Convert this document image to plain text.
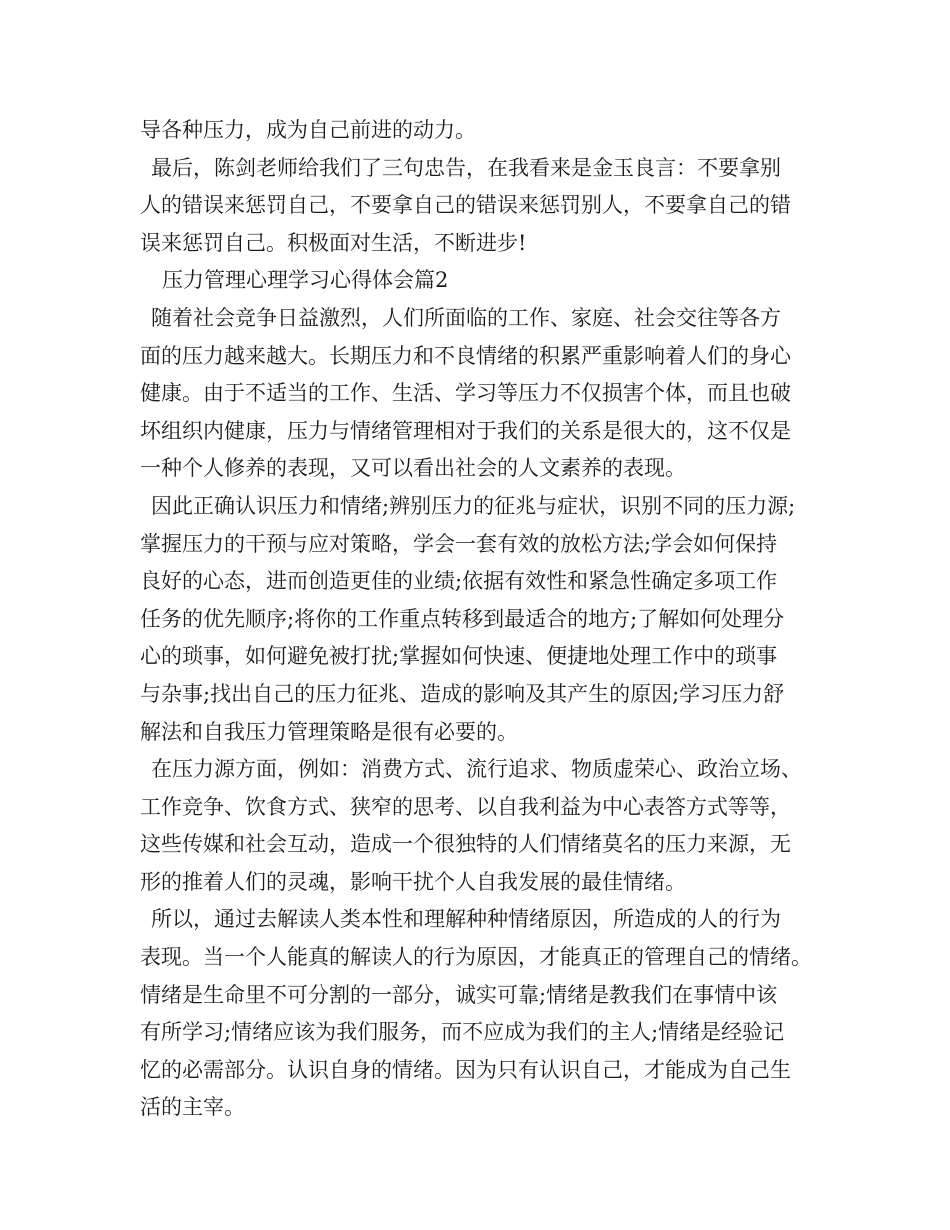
导各种压力，成为自己前进的动力。
最后，陈剑老师给我们了三句忠告，在我看来是金玉良言：不要拿别
人的错误来惩罚自己，不要拿自己的错误来惩罚别人，不要拿自己的错
误来惩罚自己。积极面对生活，不断进步!
压力管理心理学习心得体会篇2
随着社会竞争日益激烈，人们所面临的工作、家庭、社会交往等各方
面的压力越来越大。长期压力和不良情绪的积累严重影响着人们的身心
健康。由于不适当的工作、生活、学习等压力不仅损害个体，而且也破
坏组织内健康，压力与情绪管理相对于我们的关系是很大的，这不仅是
一种个人修养的表现，又可以看出社会的人文素养的表现。
因此正确认识压力和情绪;辨别压力的征兆与症状，识别不同的压力源;
掌握压力的干预与应对策略，学会一套有效的放松方法;学会如何保持
良好的心态，进而创造更佳的业绩;依据有效性和紧急性确定多项工作
任务的优先顺序;将你的工作重点转移到最适合的地方;了解如何处理分
心的琐事，如何避免被打扰;掌握如何快速、便捷地处理工作中的琐事
与杂事;找出自己的压力征兆、造成的影响及其产生的原因;学习压力舒
解法和自我压力管理策略是很有必要的。
在压力源方面，例如：消费方式、流行追求、物质虚荣心、政治立场、
工作竞争、饮食方式、狭窄的思考、以自我利益为中心表答方式等等，
这些传媒和社会互动，造成一个很独特的人们情绪莫名的压力来源，无
形的推着人们的灵魂，影响干扰个人自我发展的最佳情绪。
所以，通过去解读人类本性和理解种种情绪原因，所造成的人的行为
表现。当一个人能真的解读人的行为原因，才能真正的管理自己的情绪。
情绪是生命里不可分割的一部分，诚实可靠;情绪是教我们在事情中该
有所学习;情绪应该为我们服务，而不应成为我们的主人;情绪是经验记
忆的必需部分。认识自身的情绪。因为只有认识自己，才能成为自己生
活的主宰。
